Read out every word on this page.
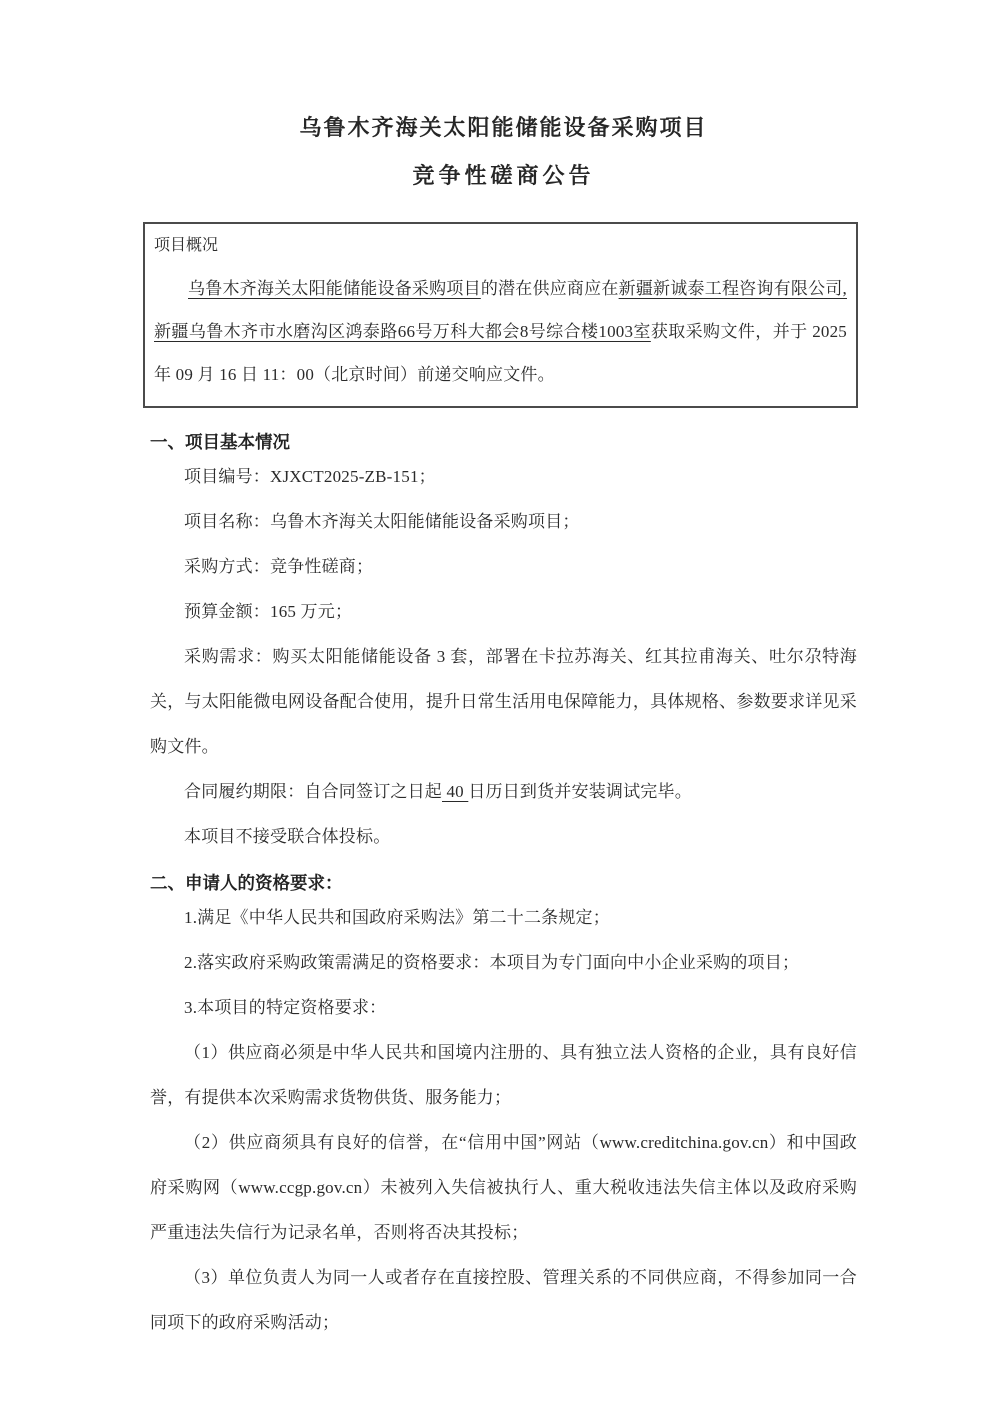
乌鲁木齐海关太阳能储能设备采购项目
竞争性磋商公告

项目概况

乌鲁木齐海关太阳能储能设备采购项目的潜在供应商应在新疆新诚泰工程咨询有限公司,新疆乌鲁木齐市水磨沟区鸿泰路66号万科大都会8号综合楼1003室获取采购文件，并于 2025 年 09 月 16 日 11：00（北京时间）前递交响应文件。

一、项目基本情况

项目编号：XJXCT2025-ZB-151；

项目名称：乌鲁木齐海关太阳能储能设备采购项目；

采购方式：竞争性磋商；

预算金额：165 万元；

采购需求：购买太阳能储能设备 3 套，部署在卡拉苏海关、红其拉甫海关、吐尔尕特海关，与太阳能微电网设备配合使用，提升日常生活用电保障能力，具体规格、参数要求详见采购文件。

合同履约期限：自合同签订之日起 40 日历日到货并安装调试完毕。

本项目不接受联合体投标。

二、申请人的资格要求：

1.满足《中华人民共和国政府采购法》第二十二条规定；

2.落实政府采购政策需满足的资格要求：本项目为专门面向中小企业采购的项目；

3.本项目的特定资格要求：

（1）供应商必须是中华人民共和国境内注册的、具有独立法人资格的企业，具有良好信誉，有提供本次采购需求货物供货、服务能力；

（2）供应商须具有良好的信誉，在“信用中国”网站（www.creditchina.gov.cn）和中国政府采购网（www.ccgp.gov.cn）未被列入失信被执行人、重大税收违法失信主体以及政府采购严重违法失信行为记录名单，否则将否决其投标；

（3）单位负责人为同一人或者存在直接控股、管理关系的不同供应商，不得参加同一合同项下的政府采购活动；
